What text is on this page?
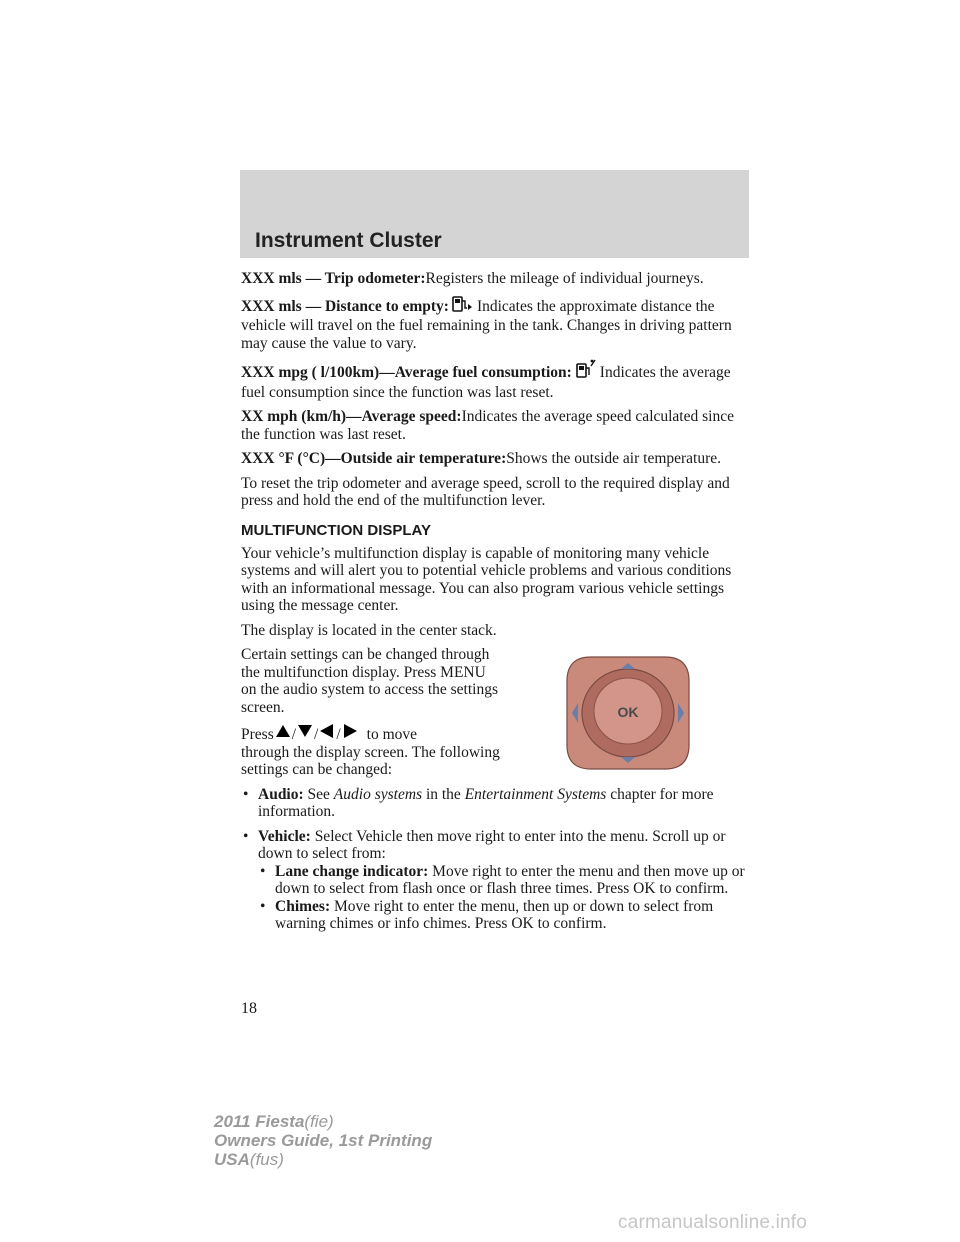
Instrument Cluster

XXX mls — Trip odometer:Registers the mileage of individual journeys.

XXX mls — Distance to empty: Indicates the approximate distance the vehicle will travel on the fuel remaining in the tank. Changes in driving pattern may cause the value to vary.

XXX mpg ( l/100km)—Average fuel consumption: Indicates the average fuel consumption since the function was last reset.

XX mph (km/h)—Average speed:Indicates the average speed calculated since the function was last reset.

XXX °F (°C)—Outside air temperature:Shows the outside air temperature.

To reset the trip odometer and average speed, scroll to the required display and press and hold the end of the multifunction lever.

MULTIFUNCTION DISPLAY

Your vehicle’s multifunction display is capable of monitoring many vehicle systems and will alert you to potential vehicle problems and various conditions with an informational message. You can also program various vehicle settings using the message center.

The display is located in the center stack.

Certain settings can be changed through the multifunction display. Press MENU on the audio system to access the settings screen.

Press / / / to move
through the display screen. The following settings can be changed:

• Audio: See Audio systems in the Entertainment Systems chapter for more information.
• Vehicle: Select Vehicle then move right to enter into the menu. Scroll up or down to select from:
• Lane change indicator: Move right to enter the menu and then move up or down to select from flash once or flash three times. Press OK to confirm.
• Chimes: Move right to enter the menu, then up or down to select from warning chimes or info chimes. Press OK to confirm.
OK
18
2011 Fiesta(fie)
Owners Guide, 1st Printing
USA(fus)
carmanualsonline.info
